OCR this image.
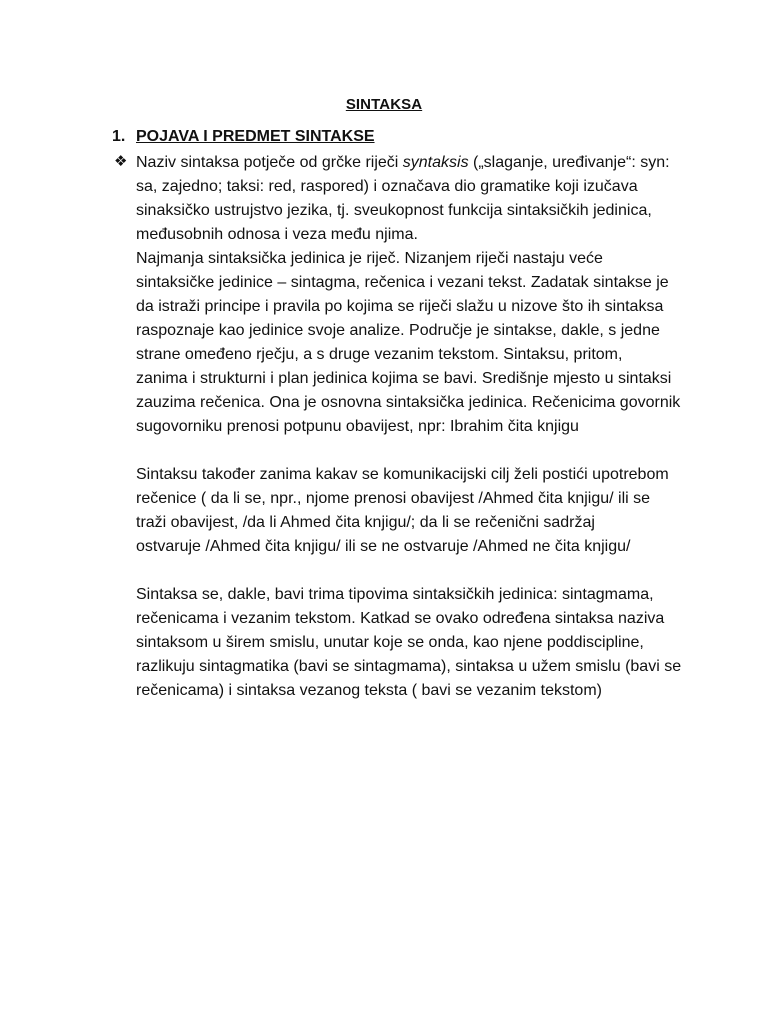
SINTAKSA
1. POJAVA I PREDMET SINTAKSE
❖ Naziv sintaksa potječe od grčke riječi syntaksis („slaganje, uređivanje“: syn:
sa, zajedno; taksi: red, raspored) i označava dio gramatike koji izučava
sinaksičko ustrujstvo jezika, tj. sveukopnost funkcija sintaksičkih jedinica,
međusobnih odnosa i veza među njima.

Najmanja sintaksička jedinica je riječ. Nizanjem riječi nastaju veće
sintaksičke jedinice – sintagma, rečenica i vezani tekst. Zadatak sintakse je
da istraži principe i pravila po kojima se riječi slažu u nizove što ih sintaksa
raspoznaje kao jedinice svoje analize. Područje je sintakse, dakle, s jedne
strane omeđeno rječju, a s druge vezanim tekstom. Sintaksu, pritom,
zanima i strukturni i plan jedinica kojima se bavi. Središnje mjesto u sintaksi
zauzima rečenica. Ona je osnovna sintaksička jedinica. Rečenicima govornik
sugovorniku prenosi potpunu obavijest, npr: Ibrahim čita knjigu

Sintaksu također zanima kakav se komunikacijski cilj želi postići upotrebom
rečenice ( da li se, npr., njome prenosi obavijest /Ahmed čita knjigu/ ili se
traži obavijest, /da li Ahmed čita knjigu/; da li se rečenični sadržaj
ostvaruje /Ahmed čita knjigu/ ili se ne ostvaruje /Ahmed ne čita knjigu/

Sintaksa se, dakle, bavi trima tipovima sintaksičkih jedinica: sintagmama,
rečenicama i vezanim tekstom. Katkad se ovako određena sintaksa naziva
sintaksom u širem smislu, unutar koje se onda, kao njene poddiscipline,
razlikuju sintagmatika (bavi se sintagmama), sintaksa u užem smislu (bavi se
rečenicama) i sintaksa vezanog teksta ( bavi se vezanim tekstom)
